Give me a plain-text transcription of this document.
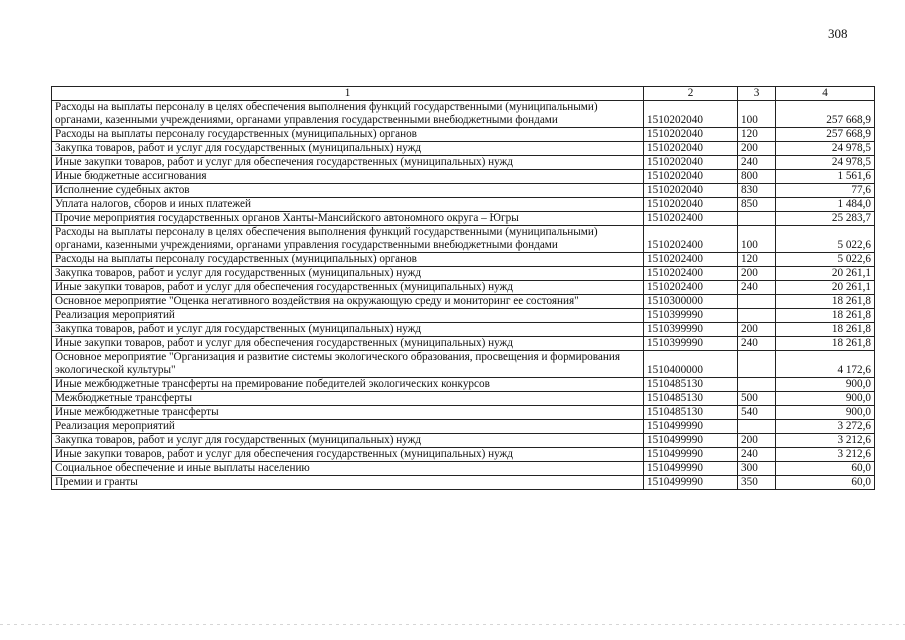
308
1	2	3	4
Расходы на выплаты персоналу в целях обеспечения выполнения функций государственными (муниципальными) органами, казенными учреждениями, органами управления государственными внебюджетными фондами	1510202040	100	257 668,9
Расходы на выплаты персоналу государственных (муниципальных) органов	1510202040	120	257 668,9
Закупка товаров, работ и услуг для государственных (муниципальных) нужд	1510202040	200	24 978,5
Иные закупки товаров, работ и услуг для обеспечения государственных (муниципальных) нужд	1510202040	240	24 978,5
Иные бюджетные ассигнования	1510202040	800	1 561,6
Исполнение судебных актов	1510202040	830	77,6
Уплата налогов, сборов и иных платежей	1510202040	850	1 484,0
Прочие мероприятия государственных органов Ханты-Мансийского автономного округа – Югры	1510202400		25 283,7
Расходы на выплаты персоналу в целях обеспечения выполнения функций государственными (муниципальными) органами, казенными учреждениями, органами управления государственными внебюджетными фондами	1510202400	100	5 022,6
Расходы на выплаты персоналу государственных (муниципальных) органов	1510202400	120	5 022,6
Закупка товаров, работ и услуг для государственных (муниципальных) нужд	1510202400	200	20 261,1
Иные закупки товаров, работ и услуг для обеспечения государственных (муниципальных) нужд	1510202400	240	20 261,1
Основное мероприятие "Оценка негативного воздействия на окружающую среду и мониторинг ее состояния"	1510300000		18 261,8
Реализация мероприятий	1510399990		18 261,8
Закупка товаров, работ и услуг для государственных (муниципальных) нужд	1510399990	200	18 261,8
Иные закупки товаров, работ и услуг для обеспечения государственных (муниципальных) нужд	1510399990	240	18 261,8
Основное мероприятие "Организация и развитие системы экологического образования, просвещения и формирования экологической культуры"	1510400000		4 172,6
Иные межбюджетные трансферты на премирование победителей экологических конкурсов	1510485130		900,0
Межбюджетные трансферты	1510485130	500	900,0
Иные межбюджетные трансферты	1510485130	540	900,0
Реализация мероприятий	1510499990		3 272,6
Закупка товаров, работ и услуг для государственных (муниципальных) нужд	1510499990	200	3 212,6
Иные закупки товаров, работ и услуг для обеспечения государственных (муниципальных) нужд	1510499990	240	3 212,6
Социальное обеспечение и иные выплаты населению	1510499990	300	60,0
Премии и гранты	1510499990	350	60,0
